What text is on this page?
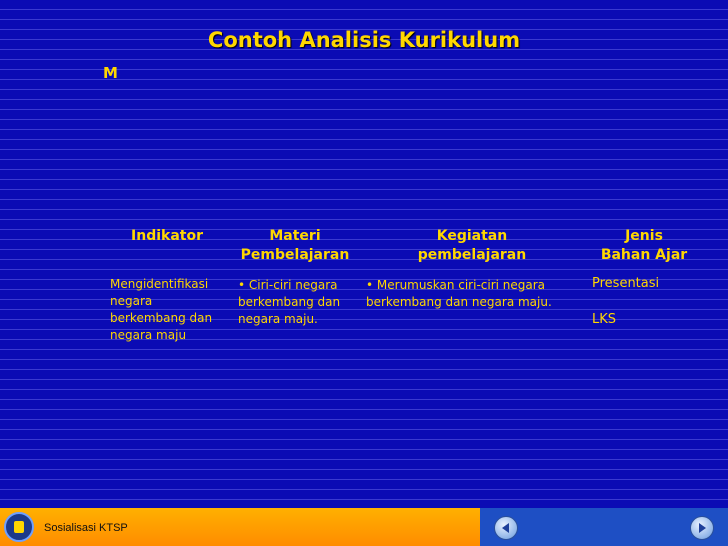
Contoh Analisis Kurikulum
M
Indikator	Materi
Pembelajaran
Kegiatan
pembelajaran
Jenis
Bahan Ajar
Mengidentifikasi
negara
berkembang dan
negara maju
• Ciri-ciri negara
berkembang dan
negara maju.
• Merumuskan ciri-ciri negara
berkembang dan negara maju.
Presentasi
LKS
Sosialisasi KTSP
